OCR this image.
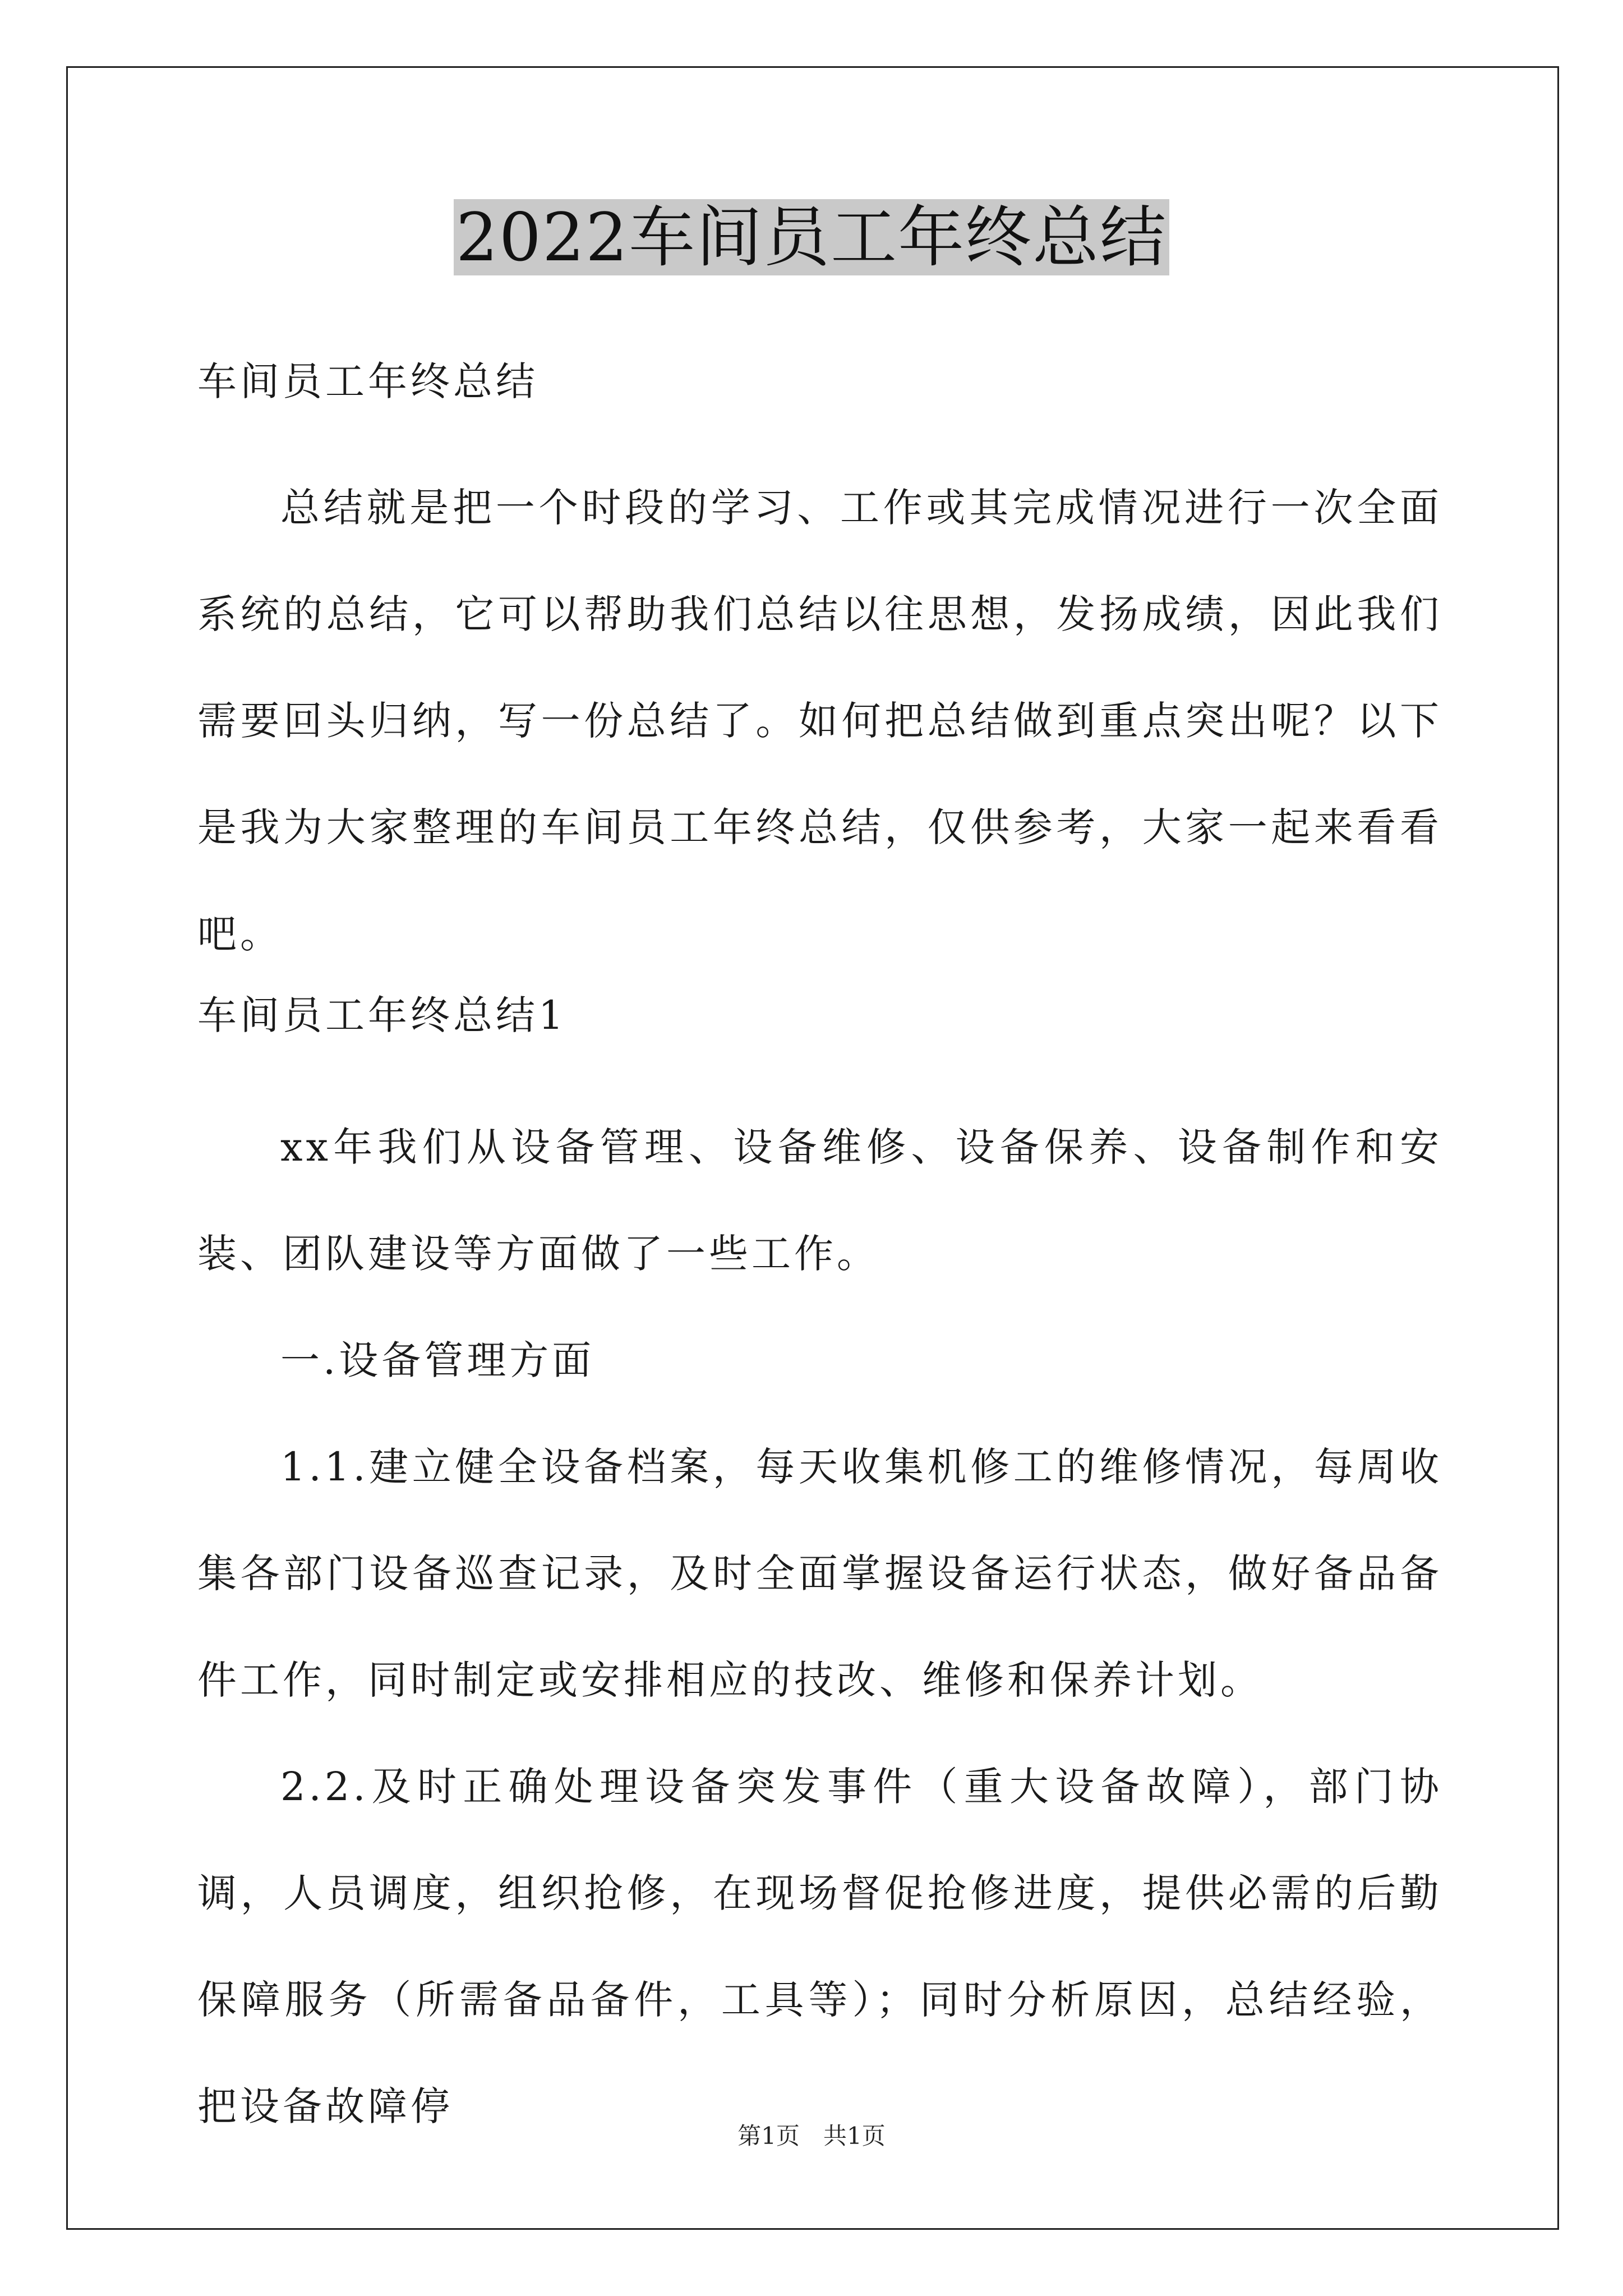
2022车间员工年终总结
车间员工年终总结

总结就是把一个时段的学习、工作或其完成情况进行一次全面系统的总结，它可以帮助我们总结以往思想，发扬成绩，因此我们需要回头归纳，写一份总结了。如何把总结做到重点突出呢？以下是我为大家整理的车间员工年终总结，仅供参考，大家一起来看看吧。

车间员工年终总结1

xx年我们从设备管理、设备维修、设备保养、设备制作和安装、团队建设等方面做了一些工作。

一.设备管理方面

1.1.建立健全设备档案，每天收集机修工的维修情况，每周收集各部门设备巡查记录，及时全面掌握设备运行状态，做好备品备件工作，同时制定或安排相应的技改、维修和保养计划。

2.2.及时正确处理设备突发事件（重大设备故障），部门协调，人员调度，组织抢修，在现场督促抢修进度，提供必需的后勤保障服务（所需备品备件，工具等）；同时分析原因，总结经验，把设备故障停

第1页　共1页
